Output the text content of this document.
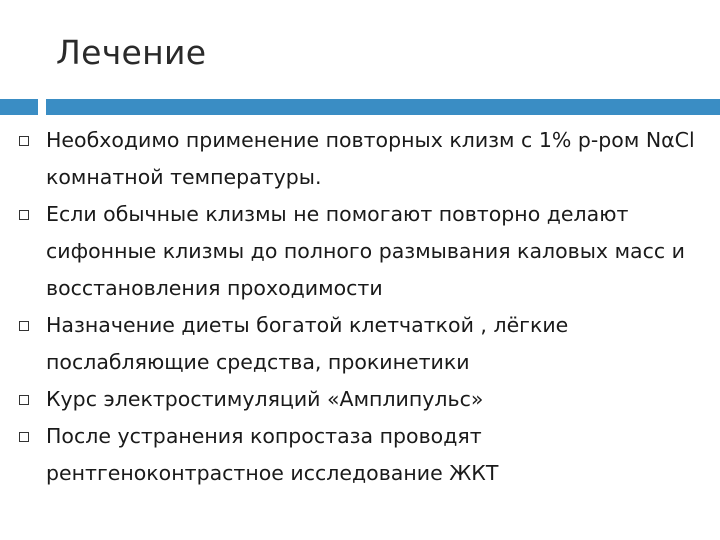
Лечение
Необходимо применение повторных клизм с 1% р-ром NαCl комнатной температуры.
Если обычные клизмы не помогают повторно делают сифонные клизмы до полного размывания каловых масс и восстановления проходимости
Назначение диеты богатой клетчаткой , лёгкие послабляющие средства, прокинетики
Курс электростимуляций «Амплипульс»
После устранения копростаза проводят рентгеноконтрастное исследование ЖКТ
